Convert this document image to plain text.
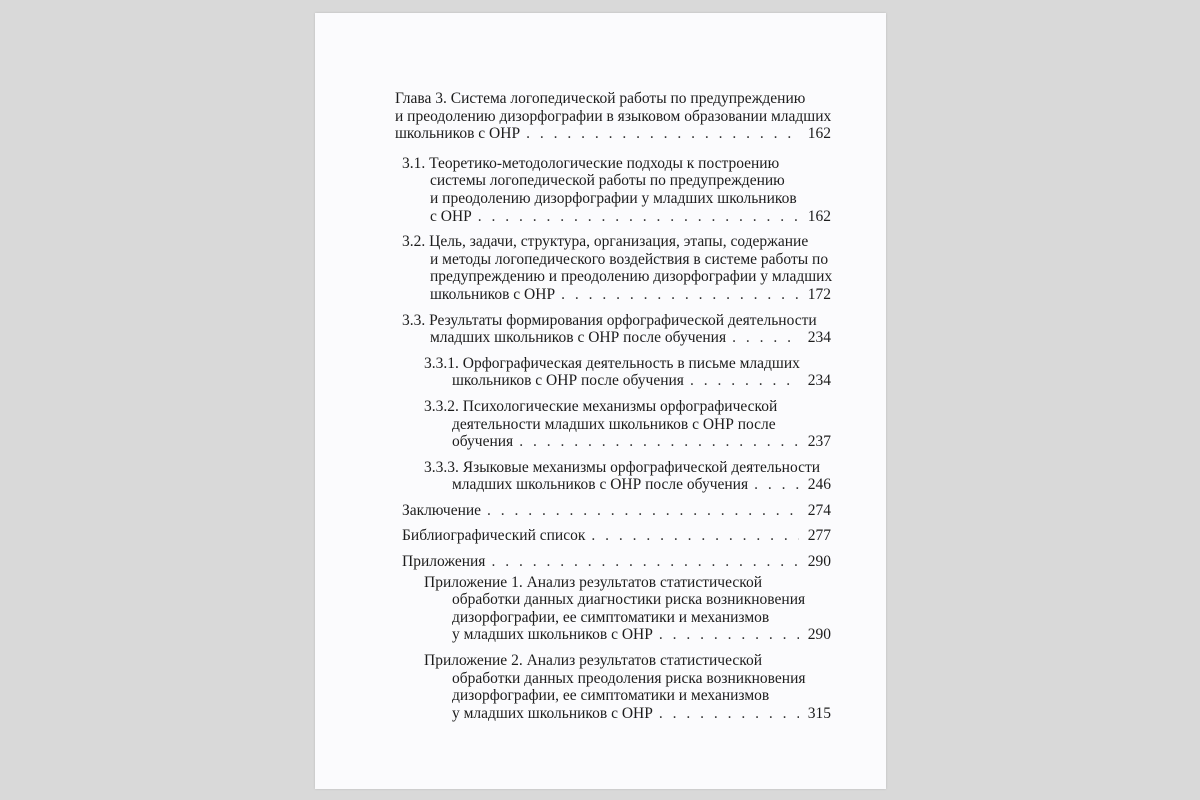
Глава 3. Система логопедической работы по предупреждению
и преодолению дизорфографии в языковом образовании младших
школьников с ОНР . . .	162
3.1. Теоретико-методологические подходы к построению
системы логопедической работы по предупреждению
и преодолению дизорфографии у младших школьников
с ОНР . . .	162
3.2. Цель, задачи, структура, организация, этапы, содержание
и методы логопедического воздействия в системе работы по
предупреждению и преодолению дизорфографии у младших
школьников с ОНР . . .	172
3.3. Результаты формирования орфографической деятельности
младших школьников с ОНР после обучения . . .	234
3.3.1. Орфографическая деятельность в письме младших
школьников с ОНР после обучения . . .	234
3.3.2. Психологические механизмы орфографической
деятельности младших школьников с ОНР после
обучения . . .	237
3.3.3. Языковые механизмы орфографической деятельности
младших школьников с ОНР после обучения . . .	246
Заключение . . .	274
Библиографический список . . .	277
Приложения . . .	290
Приложение 1. Анализ результатов статистической
обработки данных диагностики риска возникновения
дизорфографии, ее симптоматики и механизмов
у младших школьников с ОНР . . .	290
Приложение 2. Анализ результатов статистической
обработки данных преодоления риска возникновения
дизорфографии, ее симптоматики и механизмов
у младших школьников с ОНР . . .	315
